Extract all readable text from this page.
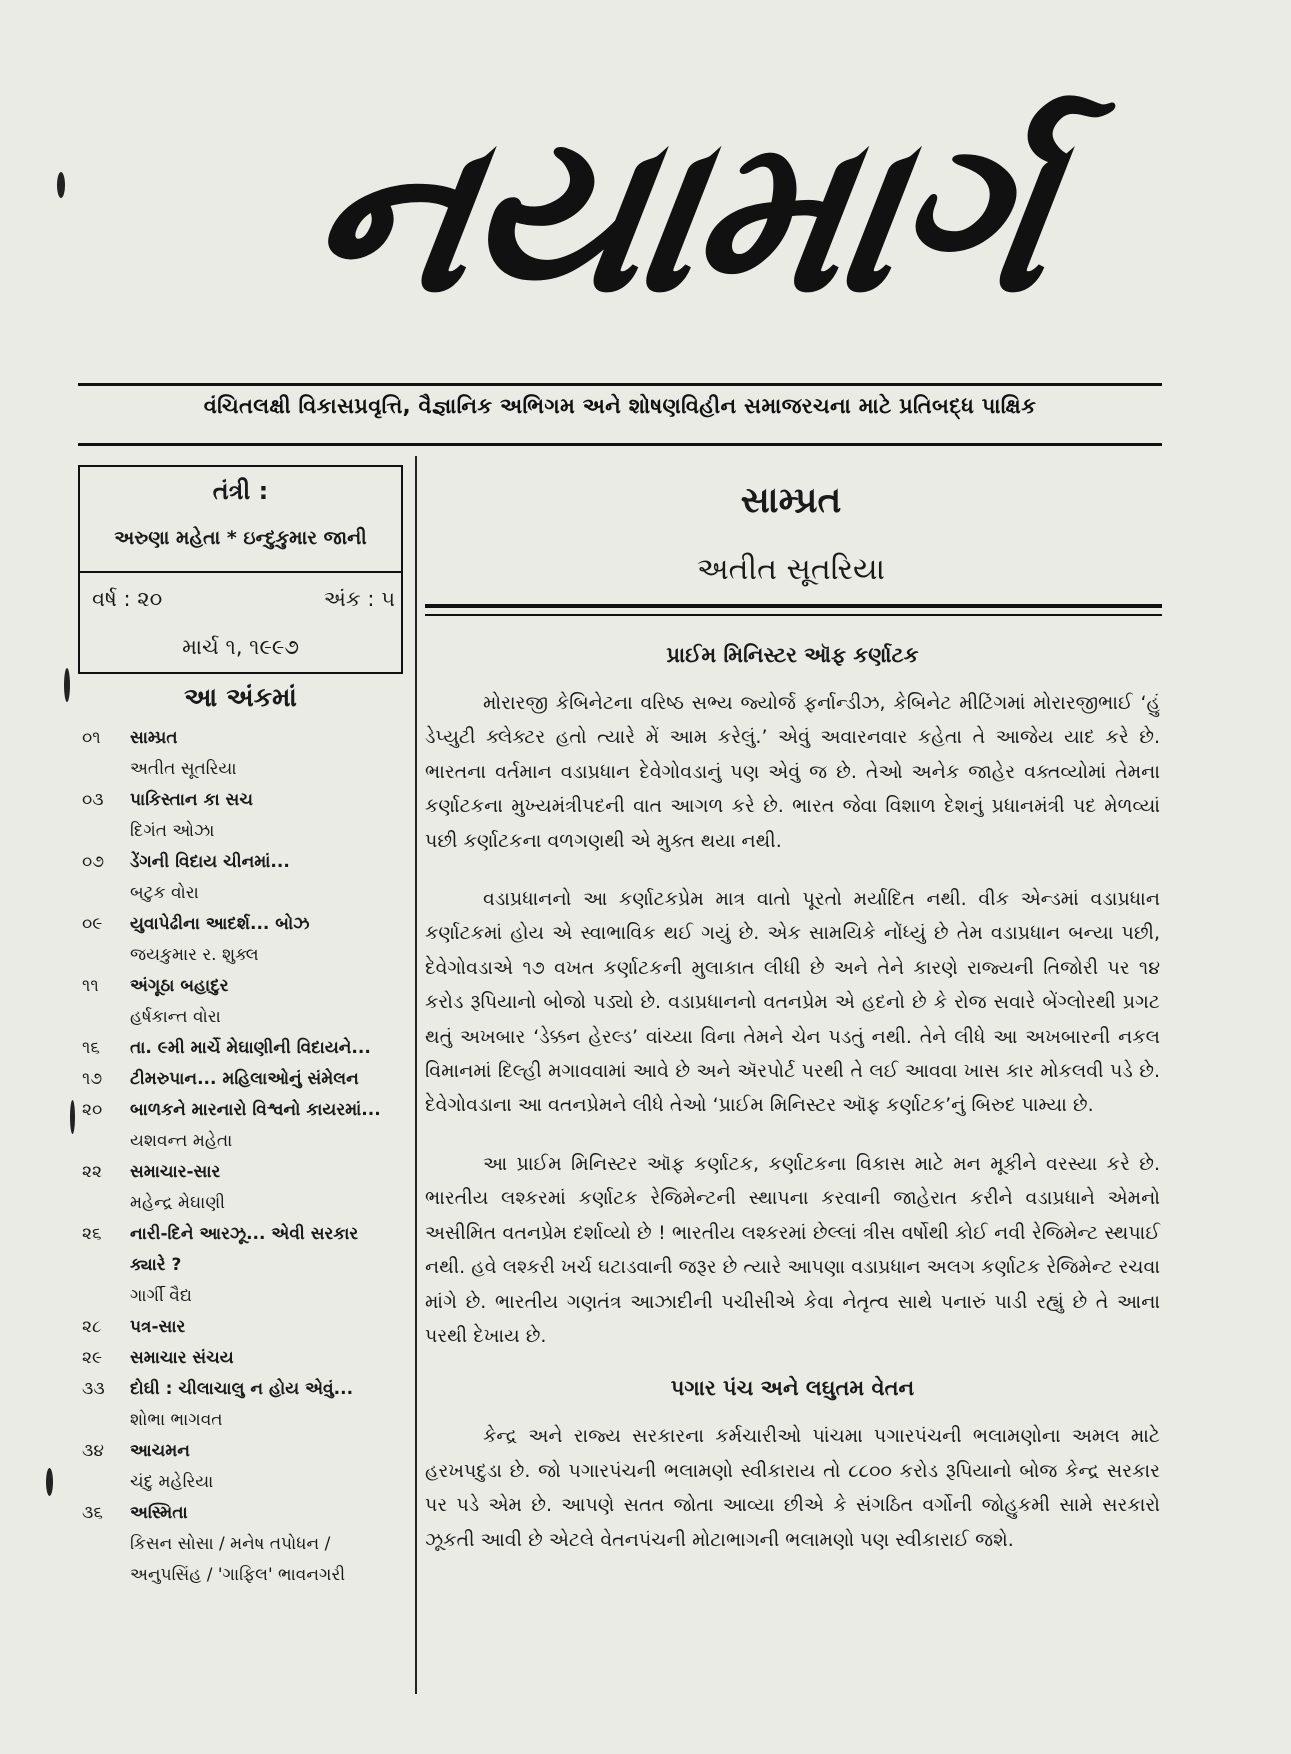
નયામાર્ગ
વંચિતલક્ષી વિકાસપ્રવૃત્તિ, વૈજ્ઞાનિક અભિગમ અને શોષણવિહીન સમાજરચના માટે પ્રતિબદ્ધ પાક્ષિક
તંત્રી :
અરુણા મહેતા * ઇન્દુકુમાર જાની
વર્ષ : ૨૦	અંક : ૫
માર્ચ ૧, ૧૯૯૭
આ અંકમાં
૦૧	સામ્પ્રત
અતીત સૂતરિયા
૦૩	પાકિસ્તાન કા સચ
દિગંત ઓઝા
૦૭	ડેંગની વિદાય ચીનમાં...
બટુક વોરા
૦૯	યુવાપેઢીના આદર્શ... બોઝ
જયકુમાર ર. શુક્લ
૧૧	અંગૂઠા બહાદુર
હર્ષકાન્ત વોરા
૧૬	તા. ૯મી માર્ચે મેઘાણીની વિદાયને...
૧૭	ટીમરુપાન... મહિલાઓનું સંમેલન
૨૦	બાળકને મારનારો વિશ્વનો કાયરમાં...
યશવન્ત મહેતા
૨૨	સમાચાર-સાર
મહેન્દ્ર મેઘાણી
૨૬	નારી-દિને આરઝૂ... એવી સરકાર
ક્યારે ?
ગાર્ગી વૈદ્ય
૨૮	પત્ર-સાર
૨૯	સમાચાર સંચય
૩૩	દોઘી : ચીલાચાલુ ન હોય એવું...
શોભા ભાગવત
૩૪	આચમન
ચંદુ મહેરિયા
૩૬	અસ્મિતા
કિસન સોસા / મનેષ તપોધન /
અનુપસિંહ / 'ગાફિલ' ભાવનગરી
સામ્પ્રત
અતીત સૂતરિયા
પ્રાઈમ મિનિસ્ટર ઑફ કર્ણાટક

મોરારજી કેબિનેટના વરિષ્ઠ સભ્ય જ્યોર્જ ફર્નાન્ડીઝ, કેબિનેટ મીટિંગમાં મોરારજીભાઈ ‘હું ડેપ્યુટી ક્લેક્ટર હતો ત્યારે મેં આમ કરેલું.’ એવું અવારનવાર કહેતા તે આજેય યાદ કરે છે. ભારતના વર્તમાન વડાપ્રધાન દેવેગોવડાનું પણ એવું જ છે. તેઓ અનેક જાહેર વક્તવ્યોમાં તેમના કર્ણાટકના મુખ્યમંત્રીપદની વાત આગળ કરે છે. ભારત જેવા વિશાળ દેશનું પ્રધાનમંત્રી પદ મેળવ્યાં પછી કર્ણાટકના વળગણથી એ મુક્ત થયા નથી.

વડાપ્રધાનનો આ કર્ણાટકપ્રેમ માત્ર વાતો પૂરતો મર્યાદિત નથી. વીક એન્ડમાં વડાપ્રધાન કર્ણાટકમાં હોય એ સ્વાભાવિક થઈ ગયું છે. એક સામયિકે નોંધ્યું છે તેમ વડાપ્રધાન બન્યા પછી, દેવેગોવડાએ ૧૭ વખત કર્ણાટકની મુલાકાત લીધી છે અને તેને કારણે રાજ્યની તિજોરી પર ૧૪ કરોડ રૂપિયાનો બોજો પડ્યો છે. વડાપ્રધાનનો વતનપ્રેમ એ હદનો છે કે રોજ સવારે બેંગ્લોરથી પ્રગટ થતું અખબાર ‘ડેક્કન હેરલ્ડ’ વાંચ્યા વિના તેમને ચેન પડતું નથી. તેને લીધે આ અખબારની નકલ વિમાનમાં દિલ્હી મગાવવામાં આવે છે અને ઍરપોર્ટ પરથી તે લઈ આવવા ખાસ કાર મોકલવી પડે છે. દેવેગોવડાના આ વતનપ્રેમને લીધે તેઓ ‘પ્રાઈમ મિનિસ્ટર ઑફ કર્ણાટક’નું બિરુદ પામ્યા છે.

આ પ્રાઈમ મિનિસ્ટર ઑફ કર્ણાટક, કર્ણાટકના વિકાસ માટે મન મૂકીને વરસ્યા કરે છે. ભારતીય લશ્કરમાં કર્ણાટક રેજિમેન્ટની સ્થાપના કરવાની જાહેરાત કરીને વડાપ્રધાને એમનો અસીમિત વતનપ્રેમ દર્શાવ્યો છે ! ભારતીય લશ્કરમાં છેલ્લાં ત્રીસ વર્ષોથી કોઈ નવી રેજિમેન્ટ સ્થપાઈ નથી. હવે લશ્કરી ખર્ચ ઘટાડવાની જરૂર છે ત્યારે આપણા વડાપ્રધાન અલગ કર્ણાટક રેજિમેન્ટ રચવા માંગે છે. ભારતીય ગણતંત્ર આઝાદીની પચીસીએ કેવા નેતૃત્વ સાથે પનારું પાડી રહ્યું છે તે આના પરથી દેખાય છે.

પગાર પંચ અને લઘુતમ વેતન

કેન્દ્ર અને રાજ્ય સરકારના કર્મચારીઓ પાંચમા પગારપંચની ભલામણોના અમલ માટે હરખપદુડા છે. જો પગારપંચની ભલામણો સ્વીકારાય તો ૮૮૦૦ કરોડ રૂપિયાનો બોજ કેન્દ્ર સરકાર પર પડે એમ છે. આપણે સતત જોતા આવ્યા છીએ કે સંગઠિત વર્ગોની જોહુકમી સામે સરકારો ઝૂકતી આવી છે એટલે વેતનપંચની મોટાભાગની ભલામણો પણ સ્વીકારાઈ જશે.
